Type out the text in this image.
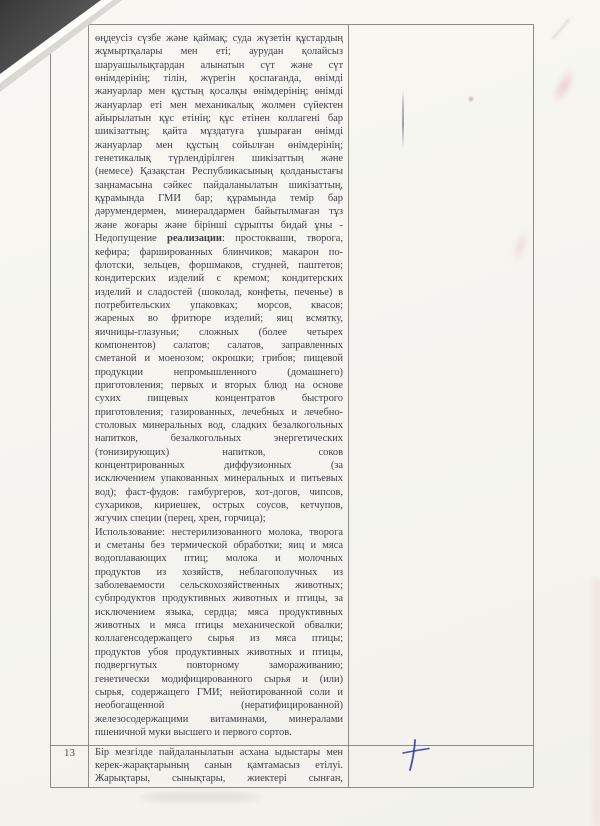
өңдеусіз сүзбе және қаймақ; суда жүзетін құстардың
жұмыртқалары мен еті; аурудан қолайсыз
шаруашылықтардан алынатын сүт және сүт
өнімдерінің; тілін, жүрегін қоспағанда, өнімді
жануарлар мен құстың қосалқы өнімдерінің; өнімді
жануарлар еті мен механикалық жолмен сүйектен
айырылатын құс етінің; құс етінен коллагені бар
шикізаттың; қайта мұздатуға ұшыраған өнімді
жануарлар мен құстың сойылған өнімдерінің;
генетикалық түрлендірілген шикізаттың және
(немесе) Қазақстан Республикасының қолданыстағы
заңнамасына сәйкес пайдаланылатын шикізаттың,
құрамында ГМИ бар; құрамында темір бар
дәрумендермен, минералдармен байытылмаған тұз
және жоғары және бірінші сұрыпты бидай ұны -
Недопущение реализации: простокваши, творога,
кефира; фаршированных блинчиков; макарон по-
флотски, зельцев, форшмаков, студней, паштетов;
кондитерских изделий с кремом; кондитерских
изделий и сладостей (шоколад, конфеты, печенье) в
потребительских упаковках; морсов, квасов;
жареных во фритюре изделий; яиц всмятку,
яичницы-глазуньи; сложных (более четырех
компонентов) салатов; салатов, заправленных
сметаной и моенозом; окрошки; грибов; пищевой
продукции непромышленного (домашнего)
приготовления; первых и вторых блюд на основе
сухих пищевых концентратов быстрого
приготовления; газированных, лечебных и лечебно-
столовых минеральных вод, сладких безалкогольных
напитков, безалкогольных энергетических
(тонизирующих) напитков, соков
концентрированных диффузионных (за
исключением упакованных минеральных и питьевых
вод); фаст-фудов: гамбургеров, хот-догов, чипсов,
сухариков, кириешек, острых соусов, кетчупов,
жгучих специи (перец, хрен, горчица);
Использование: нестерилизованного молока, творога
и сметаны без термической обработки; яиц и мяса
водоплавающих птиц; молока и молочных
продуктов из хозяйств, неблагополучных из
заболеваемости сельскохозяйственных животных;
субпродуктов продуктивных животных и птицы, за
исключением языка, сердца; мяса продуктивных
животных и мяса птицы механической обвалки;
коллагенсодержащего сырья из мяса птицы;
продуктов убоя продуктивных животных и птицы,
подвергнутых повторному замораживанию;
генетически модифицированного сырья и (или)
сырья, содержащего ГМИ; нейотированной соли и
необогащенной (нератифицированной)
железосодержащими витаминами, минералами
пшеничной муки высшего и первого сортов.
13	Бір мезгілде пайдаланылатын асхана ыдыстары мен
керек-жарақтарының санын қамтамасыз етілуі.
Жарықтары, сынықтары, жиектері сынған,
